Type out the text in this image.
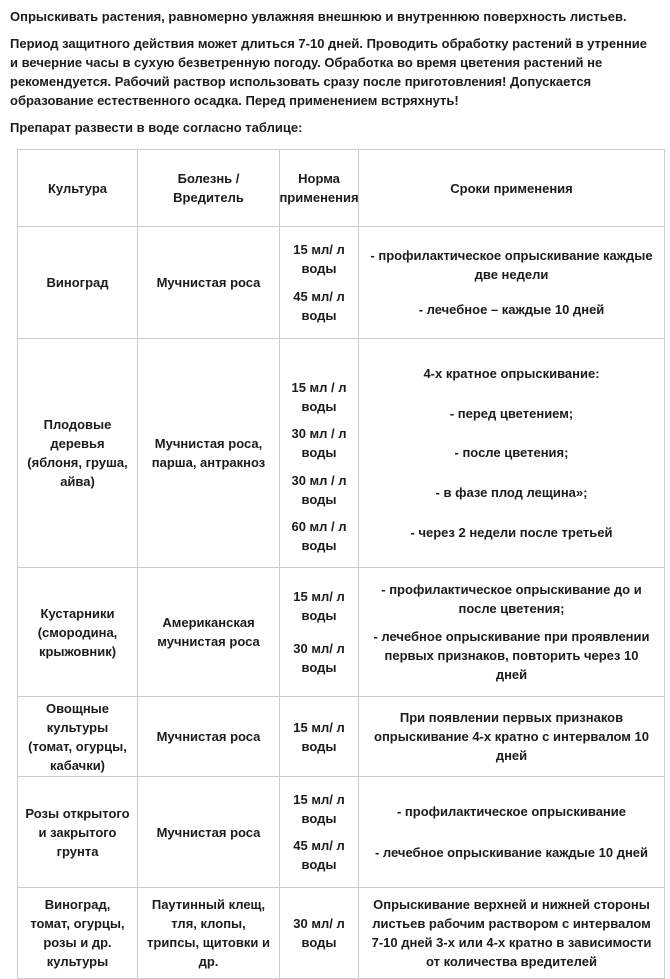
Опрыскивать растения, равномерно увлажняя внешнюю и внутреннюю поверхность листьев.

Период защитного действия может длиться 7-10 дней. Проводить обработку растений в утренние и вечерние часы в сухую безветренную погоду. Обработка во время цветения растений не рекомендуется. Рабочий раствор использовать сразу после приготовления! Допускается образование естественного осадка. Перед применением встряхнуть!

Препарат развести в воде согласно таблице:

Культура
Болезнь /Вредитель
Норма применения
Сроки применения
Виноград	Мучнистая роса
15 мл/ л воды
45 мл/ л воды
- профилактическое опрыскивание каждые две недели
- лечебное – каждые 10 дней
Плодовые деревья (яблоня, груша, айва)
Мучнистая роса, парша, антракноз
15 мл / л воды
30 мл / л воды
30 мл / л воды
60 мл / л воды
4-х кратное опрыскивание:
- перед цветением;
- после цветения;
- в фазе плод лещина»;
- через 2 недели после третьей
Кустарники (смородина, крыжовник)
Американская мучнистая роса
15 мл/ л воды
30 мл/ л воды
- профилактическое опрыскивание до и после цветения;
- лечебное опрыскивание при проявлении первых признаков, повторить через 10 дней
Овощные культуры (томат, огурцы, кабачки)
Мучнистая роса
15 мл/ л воды
При появлении первых признаков опрыскивание 4-х кратно с интервалом 10 дней
Розы открытого и закрытого грунта
Мучнистая роса
15 мл/ л воды
45 мл/ л воды
- профилактическое опрыскивание
- лечебное опрыскивание каждые 10 дней
Виноград, томат, огурцы, розы и др. культуры
Паутинный клещ, тля, клопы, трипсы, щитовки и др.
30 мл/ л воды
Опрыскивание верхней и нижней стороны листьев рабочим раствором с интервалом 7-10 дней 3-х или 4-х кратно в зависимости от количества вредителей
